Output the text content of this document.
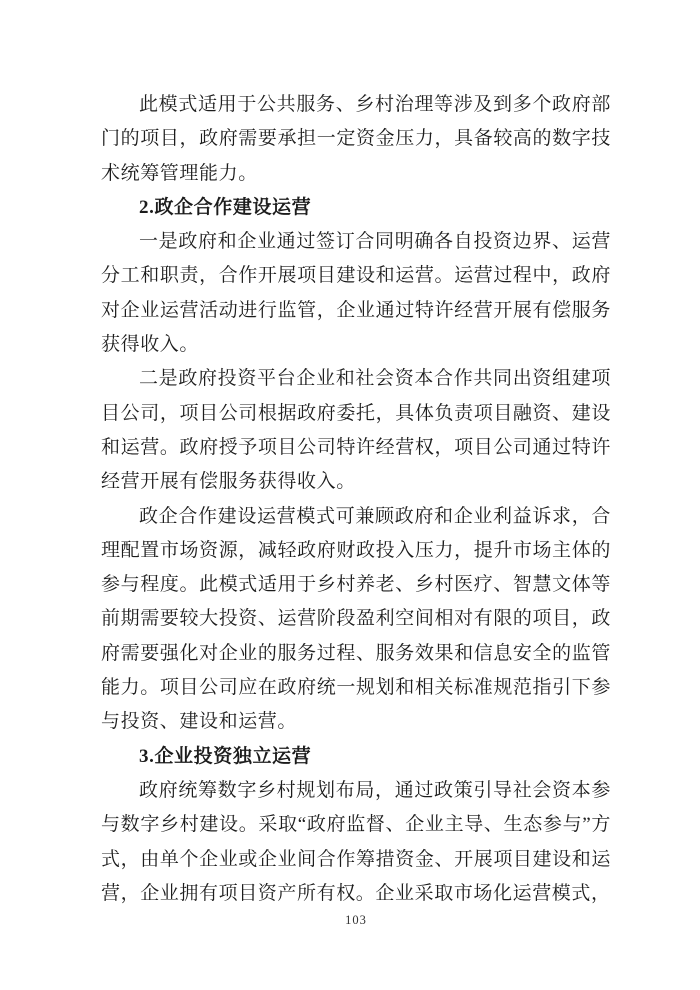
此模式适用于公共服务、乡村治理等涉及到多个政府部门的项目，政府需要承担一定资金压力，具备较高的数字技术统筹管理能力。

2.政企合作建设运营

一是政府和企业通过签订合同明确各自投资边界、运营分工和职责，合作开展项目建设和运营。运营过程中，政府对企业运营活动进行监管，企业通过特许经营开展有偿服务获得收入。

二是政府投资平台企业和社会资本合作共同出资组建项目公司，项目公司根据政府委托，具体负责项目融资、建设和运营。政府授予项目公司特许经营权，项目公司通过特许经营开展有偿服务获得收入。

政企合作建设运营模式可兼顾政府和企业利益诉求，合理配置市场资源，减轻政府财政投入压力，提升市场主体的参与程度。此模式适用于乡村养老、乡村医疗、智慧文体等前期需要较大投资、运营阶段盈利空间相对有限的项目，政府需要强化对企业的服务过程、服务效果和信息安全的监管能力。项目公司应在政府统一规划和相关标准规范指引下参与投资、建设和运营。

3.企业投资独立运营

政府统筹数字乡村规划布局，通过政策引导社会资本参与数字乡村建设。采取“政府监督、企业主导、生态参与”方式，由单个企业或企业间合作筹措资金、开展项目建设和运营，企业拥有项目资产所有权。企业采取市场化运营模式，

103
